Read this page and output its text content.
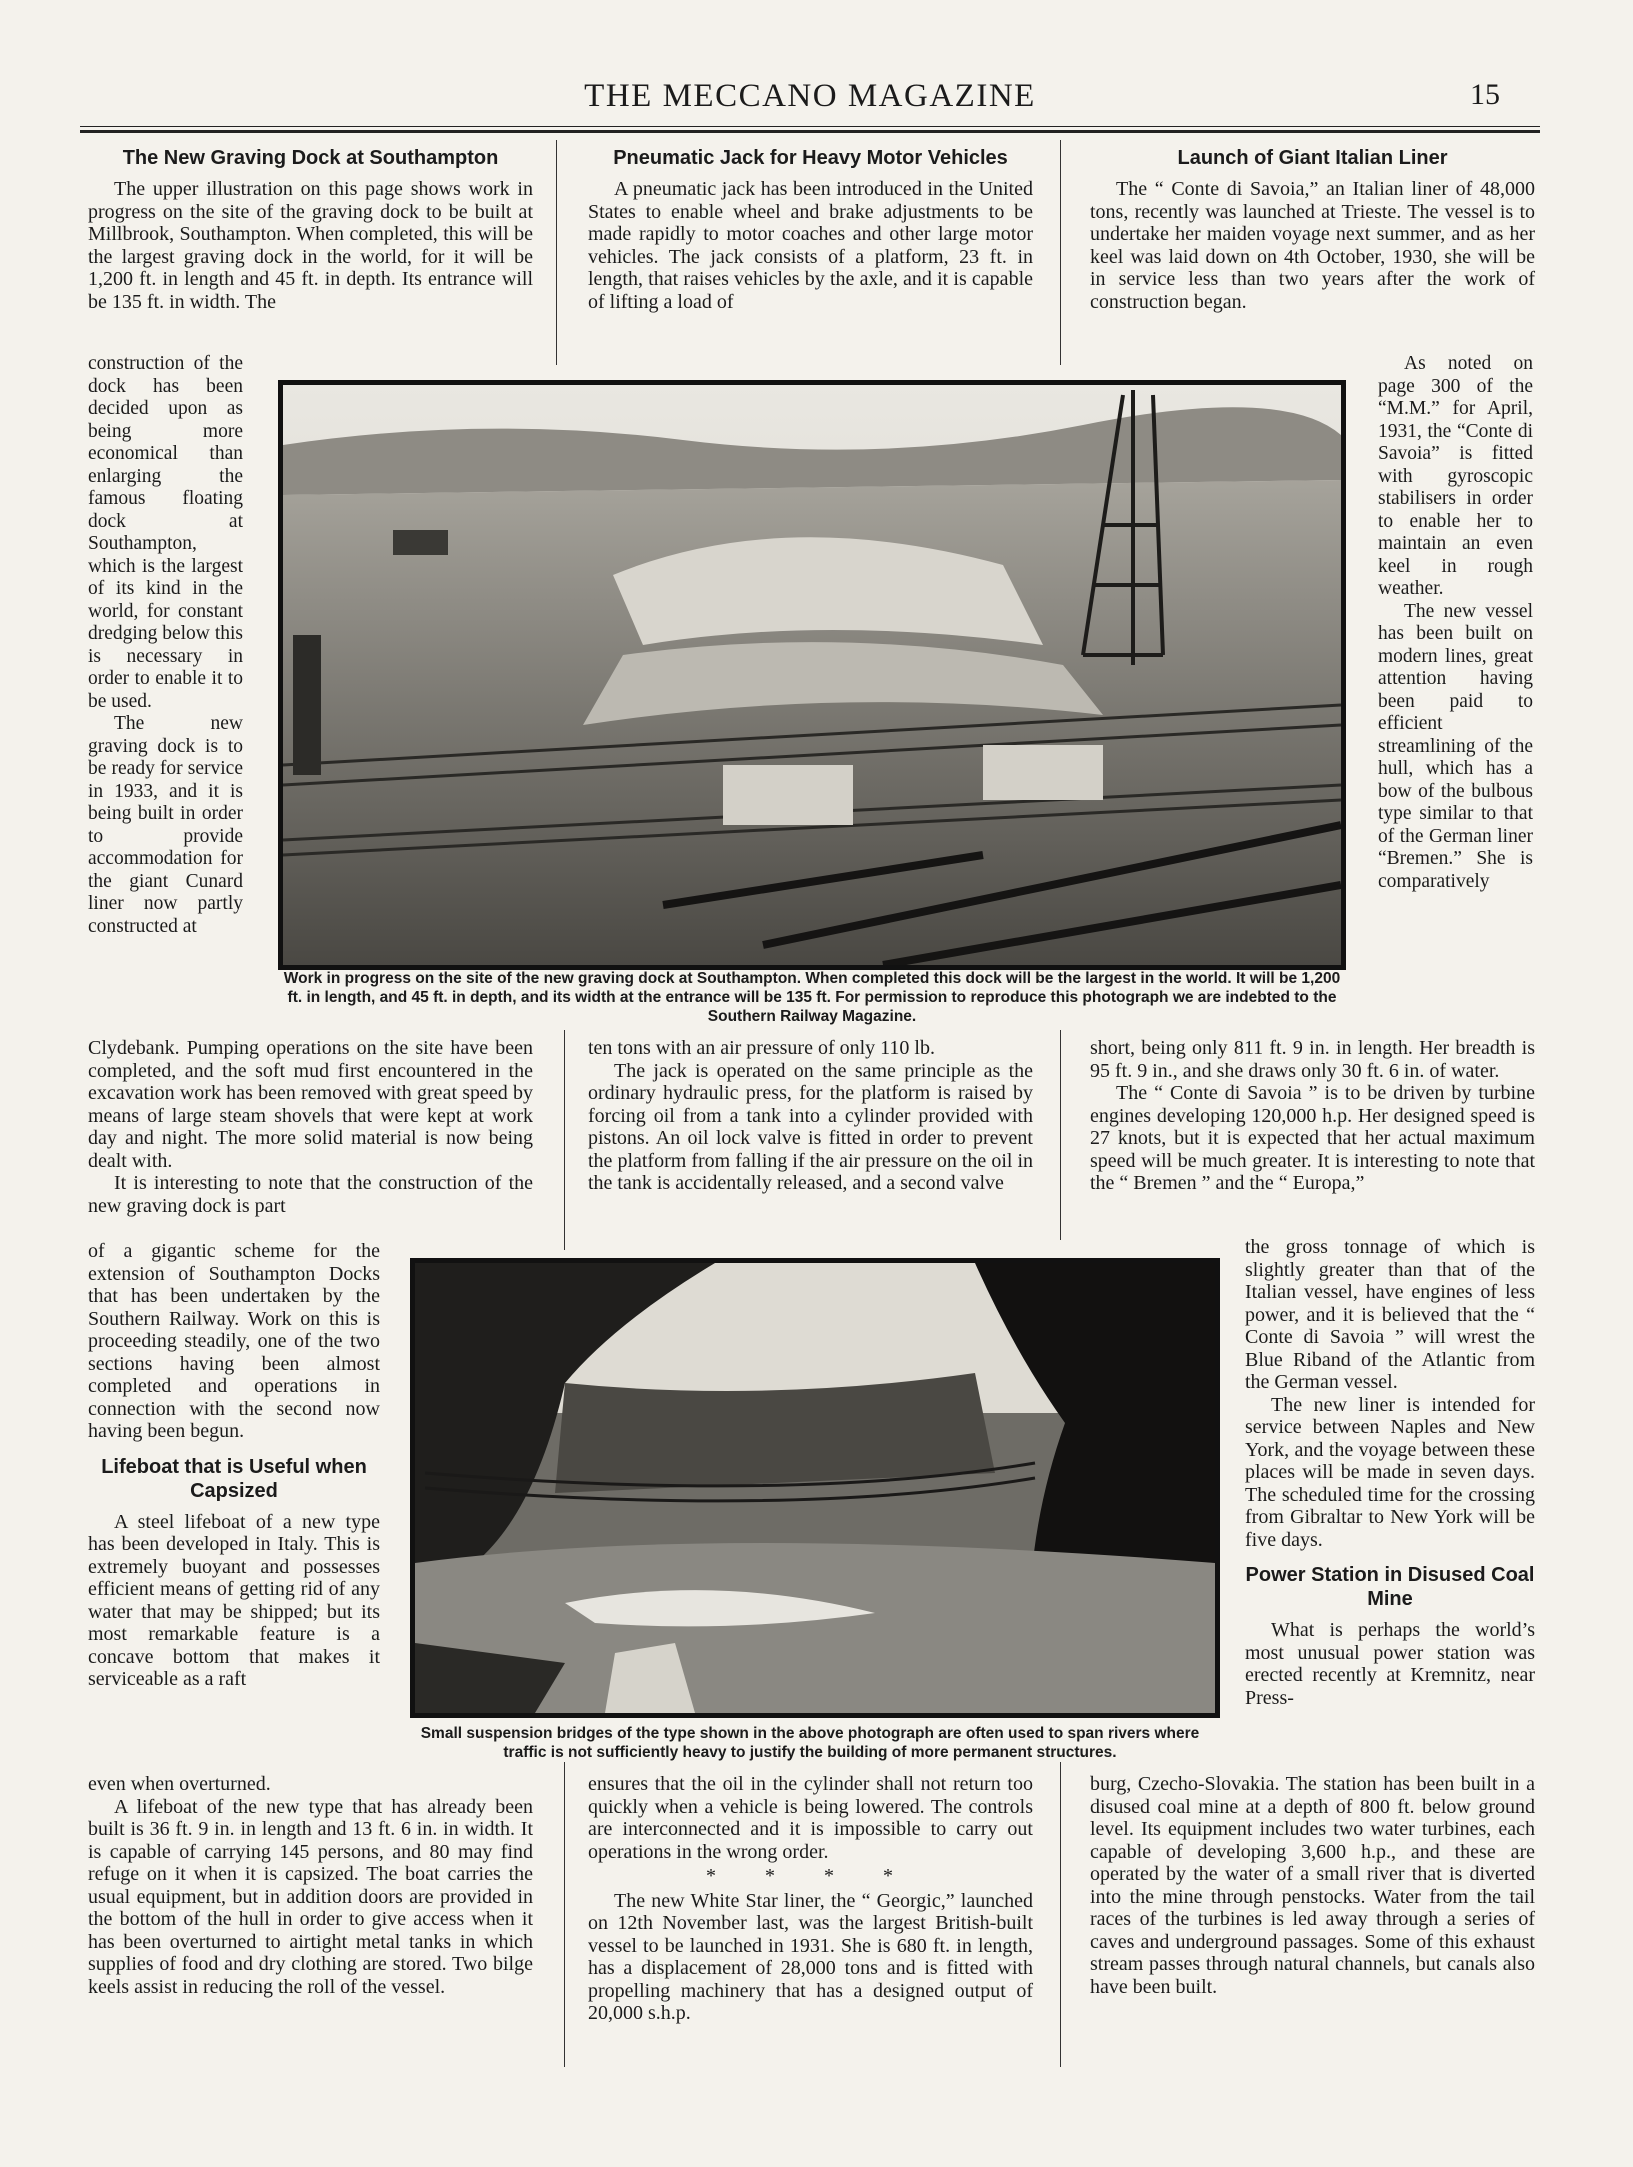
THE MECCANO MAGAZINE	15
The New Graving Dock at Southampton

The upper illustration on this page shows work in progress on the site of the graving dock to be built at Millbrook, Southampton. When completed, this will be the largest graving dock in the world, for it will be 1,200 ft. in length and 45 ft. in depth. Its entrance will be 135 ft. in width. The

construction of the dock has been decided upon as being more economical than enlarging the famous floating dock at Southampton, which is the largest of its kind in the world, for constant dredging below this is necessary in order to enable it to be used.

The new graving dock is to be ready for service in 1933, and it is being built in order to provide accommodation for the giant Cunard liner now partly constructed at

Clydebank. Pumping operations on the site have been completed, and the soft mud first encountered in the excavation work has been removed with great speed by means of large steam shovels that were kept at work day and night. The more solid material is now being dealt with.

It is interesting to note that the construction of the new graving dock is part

of a gigantic scheme for the extension of Southampton Docks that has been undertaken by the Southern Railway. Work on this is proceeding steadily, one of the two sections having been almost completed and operations in connection with the second now having been begun.

Lifeboat that is Useful when Capsized

A steel lifeboat of a new type has been developed in Italy. This is extremely buoyant and possesses efficient means of getting rid of any water that may be shipped; but its most remarkable feature is a concave bottom that makes it serviceable as a raft

even when overturned.

A lifeboat of the new type that has already been built is 36 ft. 9 in. in length and 13 ft. 6 in. in width. It is capable of carrying 145 persons, and 80 may find refuge on it when it is capsized. The boat carries the usual equipment, but in addition doors are provided in the bottom of the hull in order to give access when it has been overturned to airtight metal tanks in which supplies of food and dry clothing are stored. Two bilge keels assist in reducing the roll of the vessel.

Pneumatic Jack for Heavy Motor Vehicles

A pneumatic jack has been introduced in the United States to enable wheel and brake adjustments to be made rapidly to motor coaches and other large motor vehicles. The jack consists of a platform, 23 ft. in length, that raises vehicles by the axle, and it is capable of lifting a load of

ten tons with an air pressure of only 110 lb.

The jack is operated on the same principle as the ordinary hydraulic press, for the platform is raised by forcing oil from a tank into a cylinder provided with pistons. An oil lock valve is fitted in order to prevent the platform from falling if the air pressure on the oil in the tank is accidentally released, and a second valve

ensures that the oil in the cylinder shall not return too quickly when a vehicle is being lowered. The controls are interconnected and it is impossible to carry out operations in the wrong order.

* * * *

The new White Star liner, the “ Georgic,” launched on 12th November last, was the largest British-built vessel to be launched in 1931. She is 680 ft. in length, has a displacement of 28,000 tons and is fitted with propelling machinery that has a designed output of 20,000 s.h.p.

Launch of Giant Italian Liner

The “ Conte di Savoia,” an Italian liner of 48,000 tons, recently was launched at Trieste. The vessel is to undertake her maiden voyage next summer, and as her keel was laid down on 4th October, 1930, she will be in service less than two years after the work of construction began.

As noted on page 300 of the “M.M.” for April, 1931, the “Conte di Savoia” is fitted with gyroscopic stabilisers in order to enable her to maintain an even keel in rough weather.

The new vessel has been built on modern lines, great attention having been paid to efficient streamlining of the hull, which has a bow of the bulbous type similar to that of the German liner “Bremen.” She is comparatively

short, being only 811 ft. 9 in. in length. Her breadth is 95 ft. 9 in., and she draws only 30 ft. 6 in. of water.

The “ Conte di Savoia ” is to be driven by turbine engines developing 120,000 h.p. Her designed speed is 27 knots, but it is expected that her actual maximum speed will be much greater. It is interesting to note that the “ Bremen ” and the “ Europa,”

the gross tonnage of which is slightly greater than that of the Italian vessel, have engines of less power, and it is believed that the “ Conte di Savoia ” will wrest the Blue Riband of the Atlantic from the German vessel.

The new liner is intended for service between Naples and New York, and the voyage between these places will be made in seven days. The scheduled time for the crossing from Gibraltar to New York will be five days.

Power Station in Disused Coal Mine

What is perhaps the world’s most unusual power station was erected recently at Kremnitz, near Press-

burg, Czecho-Slovakia. The station has been built in a disused coal mine at a depth of 800 ft. below ground level. Its equipment includes two water turbines, each capable of developing 3,600 h.p., and these are operated by the water of a small river that is diverted into the mine through penstocks. Water from the tail races of the turbines is led away through a series of caves and underground passages. Some of this exhaust stream passes through natural channels, but canals also have been built.

Work in progress on the site of the new graving dock at Southampton. When completed this dock will be the largest in the world. It will be 1,200 ft. in length, and 45 ft. in depth, and its width at the entrance will be 135 ft. For permission to reproduce this photograph we are indebted to the Southern Railway Magazine.
Small suspension bridges of the type shown in the above photograph are often used to span rivers where traffic is not sufficiently heavy to justify the building of more permanent structures.
